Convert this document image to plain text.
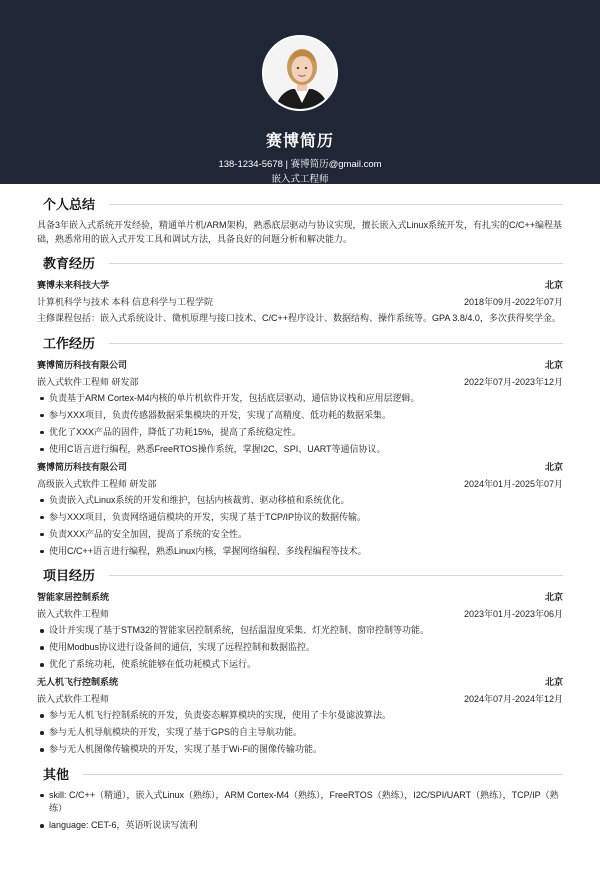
赛博简历
138-1234-5678 | 赛博简历@gmail.com
嵌入式工程师
个人总结
具备3年嵌入式系统开发经验，精通单片机/ARM架构，熟悉底层驱动与协议实现，擅长嵌入式Linux系统开发，有扎实的C/C++编程基础，熟悉常用的嵌入式开发工具和调试方法，具备良好的问题分析和解决能力。
教育经历
赛博未来科技大学	北京
计算机科学与技术 本科 信息科学与工程学院	2018年09月-2022年07月
主修课程包括：嵌入式系统设计、微机原理与接口技术、C/C++程序设计、数据结构、操作系统等。GPA 3.8/4.0，多次获得奖学金。
工作经历
赛博简历科技有限公司	北京
嵌入式软件工程师 研发部	2022年07月-2023年12月
负责基于ARM Cortex-M4内核的单片机软件开发，包括底层驱动、通信协议栈和应用层逻辑。
参与XXX项目，负责传感器数据采集模块的开发，实现了高精度、低功耗的数据采集。
优化了XXX产品的固件，降低了功耗15%，提高了系统稳定性。
使用C语言进行编程，熟悉FreeRTOS操作系统，掌握I2C、SPI、UART等通信协议。
赛博简历科技有限公司	北京
高级嵌入式软件工程师 研发部	2024年01月-2025年07月
负责嵌入式Linux系统的开发和维护，包括内核裁剪、驱动移植和系统优化。
参与XXX项目，负责网络通信模块的开发，实现了基于TCP/IP协议的数据传输。
负责XXX产品的安全加固，提高了系统的安全性。
使用C/C++语言进行编程，熟悉Linux内核，掌握网络编程、多线程编程等技术。
项目经历
智能家居控制系统	北京
嵌入式软件工程师	2023年01月-2023年06月
设计并实现了基于STM32的智能家居控制系统，包括温湿度采集、灯光控制、窗帘控制等功能。
使用Modbus协议进行设备间的通信，实现了远程控制和数据监控。
优化了系统功耗，使系统能够在低功耗模式下运行。
无人机飞行控制系统	北京
嵌入式软件工程师	2024年07月-2024年12月
参与无人机飞行控制系统的开发，负责姿态解算模块的实现，使用了卡尔曼滤波算法。
参与无人机导航模块的开发，实现了基于GPS的自主导航功能。
参与无人机图像传输模块的开发，实现了基于Wi-Fi的图像传输功能。
其他
skill: C/C++（精通），嵌入式Linux（熟练），ARM Cortex-M4（熟练），FreeRTOS（熟练），I2C/SPI/UART（熟练），TCP/IP（熟练）
language: CET-6，英语听说读写流利
